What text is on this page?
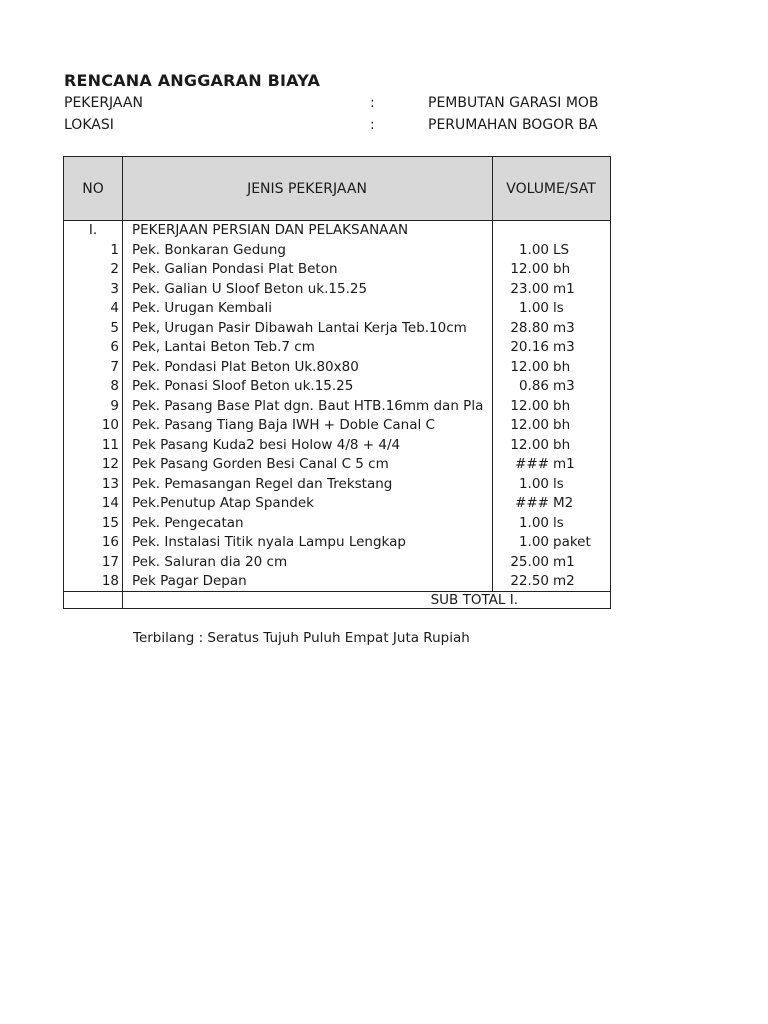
RENCANA ANGGARAN BIAYA
PEKERJAAN	:	PEMBUTAN GARASI MOB
LOKASI	:	PERUMAHAN BOGOR BA
NO	JENIS PEKERJAAN	VOLUME/SAT
I.	PEKERJAAN PERSIAN DAN PELAKSANAAN
1 Pek. Bonkaran Gedung	1.00 LS
2 Pek. Galian Pondasi Plat Beton	12.00 bh
3 Pek. Galian U Sloof Beton uk.15.25	23.00 m1
4 Pek. Urugan Kembali	1.00 ls
5 Pek, Urugan Pasir Dibawah Lantai Kerja Teb.10cm	28.80 m3
6 Pek, Lantai Beton Teb.7 cm	20.16 m3
7 Pek. Pondasi Plat Beton Uk.80x80	12.00 bh
8 Pek. Ponasi Sloof Beton uk.15.25	0.86 m3
9 Pek. Pasang Base Plat dgn. Baut HTB.16mm dan Pla	12.00 bh
10 Pek. Pasang Tiang Baja IWH + Doble Canal C	12.00 bh
11 Pek Pasang Kuda2 besi Holow 4/8 + 4/4	12.00 bh
12 Pek Pasang Gorden Besi Canal C 5 cm	### m1
13 Pek. Pemasangan Regel dan Trekstang	1.00 ls
14 Pek.Penutup Atap Spandek	### M2
15 Pek. Pengecatan	1.00 ls
16 Pek. Instalasi Titik nyala Lampu Lengkap	1.00 paket
17 Pek. Saluran dia 20 cm	25.00 m1
18 Pek Pagar Depan	22.50 m2
SUB TOTAL I.
Terbilang : Seratus Tujuh Puluh Empat Juta Rupiah
